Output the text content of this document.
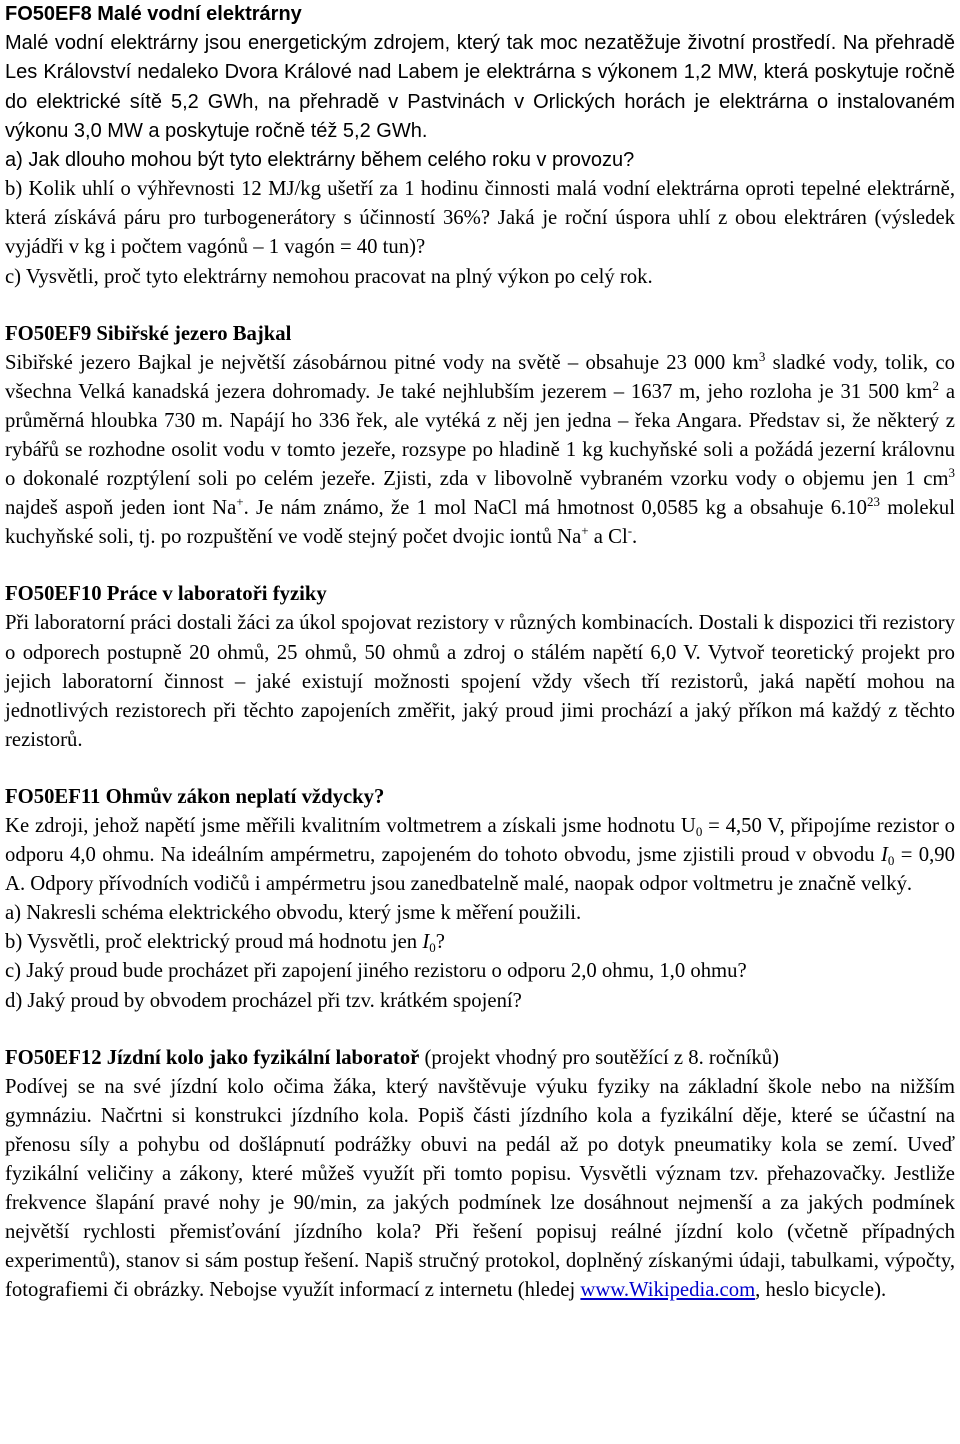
FO50EF8 Malé vodní elektrárny

Malé vodní elektrárny jsou energetickým zdrojem, který tak moc nezatěžuje životní prostředí. Na přehradě Les Království nedaleko Dvora Králové nad Labem je elektrárna s výkonem 1,2 MW, která poskytuje ročně do elektrické sítě 5,2 GWh, na přehradě v Pastvinách v Orlických horách je elektrárna o instalovaném výkonu 3,0 MW a poskytuje ročně též 5,2 GWh.

a) Jak dlouho mohou být tyto elektrárny během celého roku v provozu?

b) Kolik uhlí o výhřevnosti 12 MJ/kg ušetří za 1 hodinu činnosti malá vodní elektrárna oproti tepelné elektrárně, která získává páru pro turbogenerátory s účinností 36%? Jaká je roční úspora uhlí z obou elektráren (výsledek vyjádři v kg i počtem vagónů – 1 vagón = 40 tun)?

c) Vysvětli, proč tyto elektrárny nemohou pracovat na plný výkon po celý rok.

FO50EF9 Sibiřské jezero Bajkal

Sibiřské jezero Bajkal je největší zásobárnou pitné vody na světě – obsahuje 23 000 $km^3$ sladké vody, tolik, co všechna Velká kanadská jezera dohromady. Je také nejhlubším jezerem – 1637 m, jeho rozloha je 31 500 $km^2$ a průměrná hloubka 730 m. Napájí ho 336 řek, ale vytéká z něj jen jedna – řeka Angara. Představ si, že některý z rybářů se rozhodne osolit vodu v tomto jezeře, rozsype po hladině 1 kg kuchyňské soli a požádá jezerní královnu o dokonalé rozptýlení soli po celém jezeře. Zjisti, zda v libovolně vybraném vzorku vody o objemu jen 1 $cm^3$ najdeš aspoň jeden iont Na+. Je nám známo, že 1 mol NaCl má hmotnost 0,0585 kg a obsahuje 6.10$^{23}$ molekul kuchyňské soli, tj. po rozpuštění ve vodě stejný počet dvojic iontů Na+ a Cl-.

FO50EF10 Práce v laboratoři fyziky

Při laboratorní práci dostali žáci za úkol spojovat rezistory v různých kombinacích. Dostali k dispozici tři rezistory o odporech postupně 20 ohmů, 25 ohmů, 50 ohmů a zdroj o stálém napětí 6,0 V. Vytvoř teoretický projekt pro jejich laboratorní činnost – jaké existují možnosti spojení vždy všech tří rezistorů, jaká napětí mohou na jednotlivých rezistorech při těchto zapojeních změřit, jaký proud jimi prochází a jaký příkon má každý z těchto rezistorů.

FO50EF11 Ohmův zákon neplatí vždycky?

Ke zdroji, jehož napětí jsme měřili kvalitním voltmetrem a získali jsme hodnotu $U_0 = 4,50$ V, připojíme rezistor o odporu 4,0 ohmu. Na ideálním ampérmetru, zapojeném do tohoto obvodu, jsme zjistili proud v obvodu $I_0 = 0,90$ A. Odpory přívodních vodičů i ampérmetru jsou zanedbatelně malé, naopak odpor voltmetru je značně velký.

a) Nakresli schéma elektrického obvodu, který jsme k měření použili.

b) Vysvětli, proč elektrický proud má hodnotu jen $I_0$?

c) Jaký proud bude procházet při zapojení jiného rezistoru o odporu 2,0 ohmu, 1,0 ohmu?

d) Jaký proud by obvodem procházel při tzv. krátkém spojení?

FO50EF12 Jízdní kolo jako fyzikální laboratoř (projekt vhodný pro soutěžící z 8. ročníků)

Podívej se na své jízdní kolo očima žáka, který navštěvuje výuku fyziky na základní škole nebo na nižším gymnáziu. Načrtni si konstrukci jízdního kola. Popiš části jízdního kola a fyzikální děje, které se účastní na přenosu síly a pohybu od došlápnutí podrážky obuvi na pedál až po dotyk pneumatiky kola se zemí. Uveď fyzikální veličiny a zákony, které můžeš využít při tomto popisu. Vysvětli význam tzv. přehazovačky. Jestliže frekvence šlapání pravé nohy je 90/min, za jakých podmínek lze dosáhnout nejmenší a za jakých podmínek největší rychlosti přemisťování jízdního kola? Při řešení popisuj reálné jízdní kolo (včetně případných experimentů), stanov si sám postup řešení. Napiš stručný protokol, doplněný získanými údaji, tabulkami, výpočty, fotografiemi či obrázky. Nebojse využít informací z internetu (hledej www.Wikipedia.com, heslo bicycle).
